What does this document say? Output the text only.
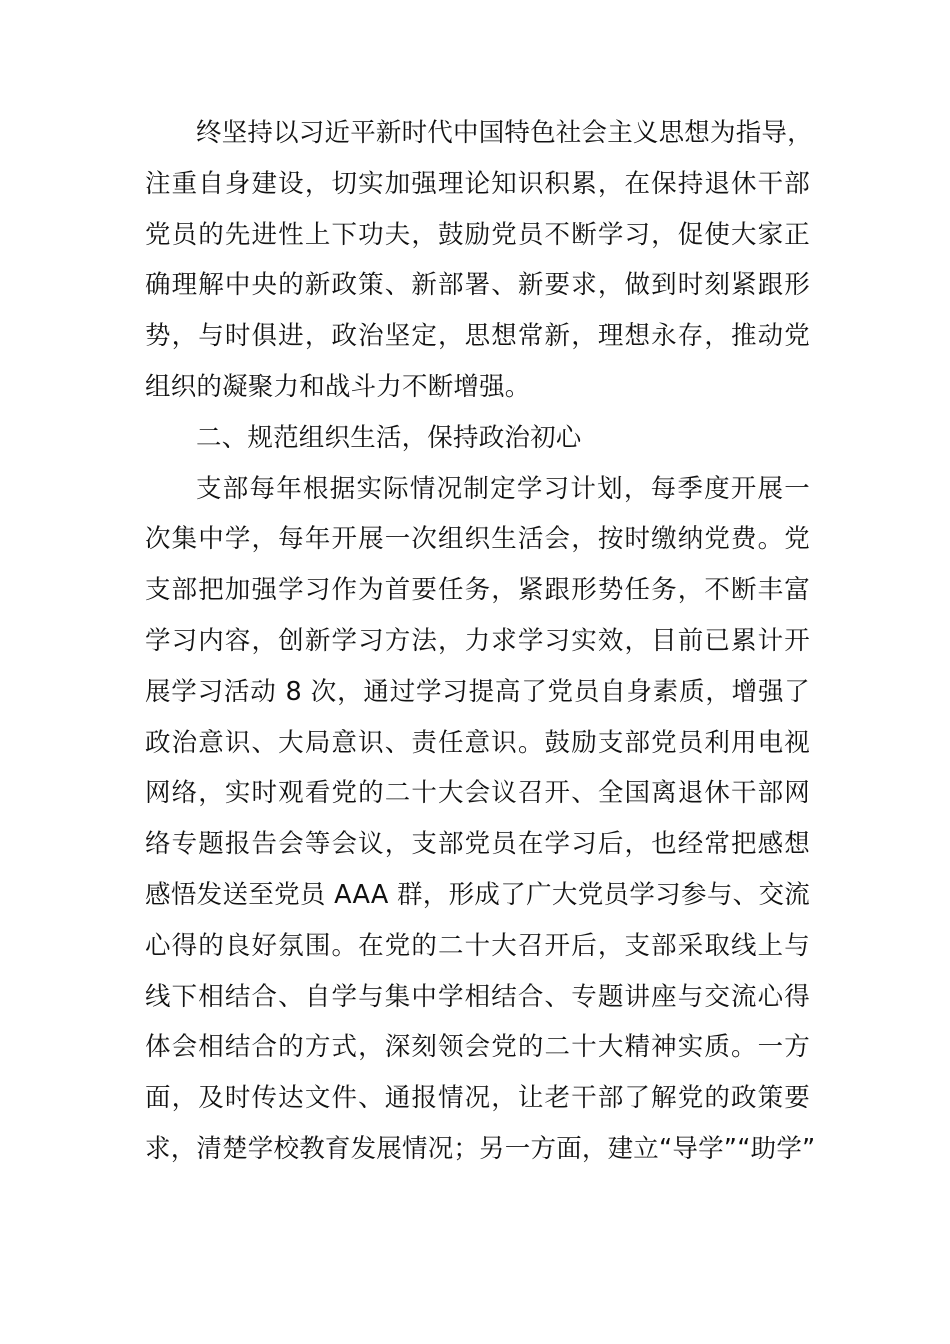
终坚持以习近平新时代中国特色社会主义思想为指导，
注重自身建设，切实加强理论知识积累，在保持退休干部
党员的先进性上下功夫，鼓励党员不断学习，促使大家正
确理解中央的新政策、新部署、新要求，做到时刻紧跟形
势，与时俱进，政治坚定，思想常新，理想永存，推动党
组织的凝聚力和战斗力不断增强。
二、规范组织生活，保持政治初心
支部每年根据实际情况制定学习计划，每季度开展一
次集中学，每年开展一次组织生活会，按时缴纳党费。党
支部把加强学习作为首要任务，紧跟形势任务，不断丰富
学习内容，创新学习方法，力求学习实效，目前已累计开
展学习活动 8 次，通过学习提高了党员自身素质，增强了
政治意识、大局意识、责任意识。鼓励支部党员利用电视
网络，实时观看党的二十大会议召开、全国离退休干部网
络专题报告会等会议，支部党员在学习后，也经常把感想
感悟发送至党员 AAA 群，形成了广大党员学习参与、交流
心得的良好氛围。在党的二十大召开后，支部采取线上与
线下相结合、自学与集中学相结合、专题讲座与交流心得
体会相结合的方式，深刻领会党的二十大精神实质。一方
面，及时传达文件、通报情况，让老干部了解党的政策要
求，清楚学校教育发展情况；另一方面，建立“导学”“助学”
